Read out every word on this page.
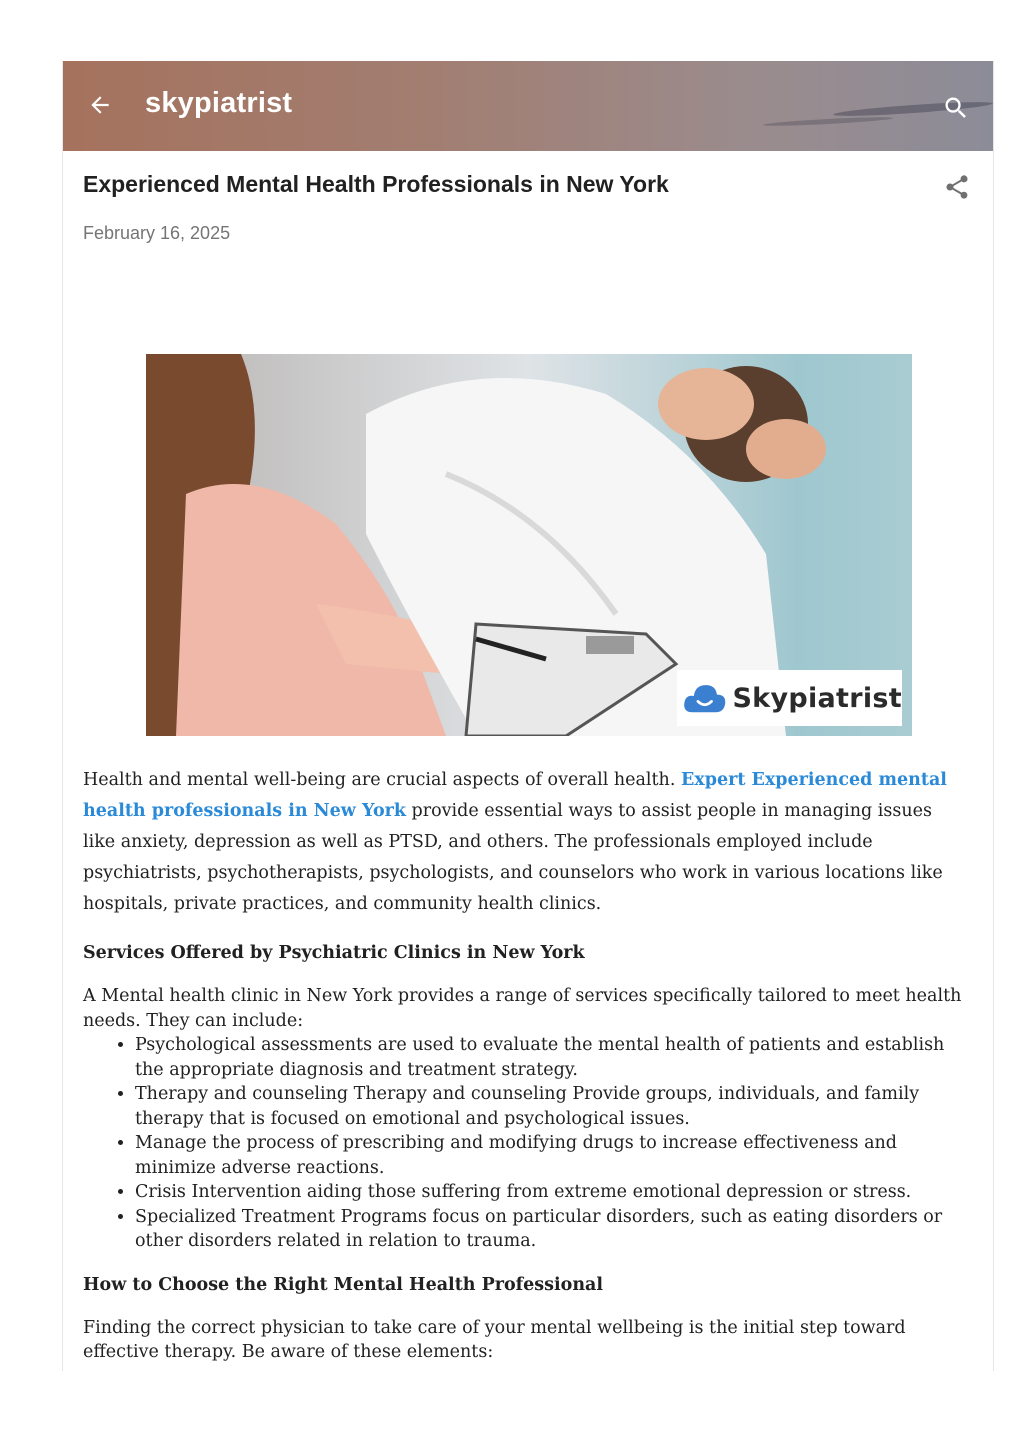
skypiatrist
Experienced Mental Health Professionals in New York
February 16, 2025
Skypiatrist

Health and mental well-being are crucial aspects of overall health. Expert Experienced mental health professionals in New York provide essential ways to assist people in managing issues like anxiety, depression as well as PTSD, and others. The professionals employed include psychiatrists, psychotherapists, psychologists, and counselors who work in various locations like hospitals, private practices, and community health clinics.

Services Offered by Psychiatric Clinics in New York

A Mental health clinic in New York provides a range of services specifically tailored to meet health needs. They can include:

• Psychological assessments are used to evaluate the mental health of patients and establish the appropriate diagnosis and treatment strategy.
• Therapy and counseling Therapy and counseling Provide groups, individuals, and family therapy that is focused on emotional and psychological issues.
• Manage the process of prescribing and modifying drugs to increase effectiveness and minimize adverse reactions.
• Crisis Intervention aiding those suffering from extreme emotional depression or stress.
• Specialized Treatment Programs focus on particular disorders, such as eating disorders or other disorders related in relation to trauma.
How to Choose the Right Mental Health Professional

Finding the correct physician to take care of your mental wellbeing is the initial step toward effective therapy. Be aware of these elements:
